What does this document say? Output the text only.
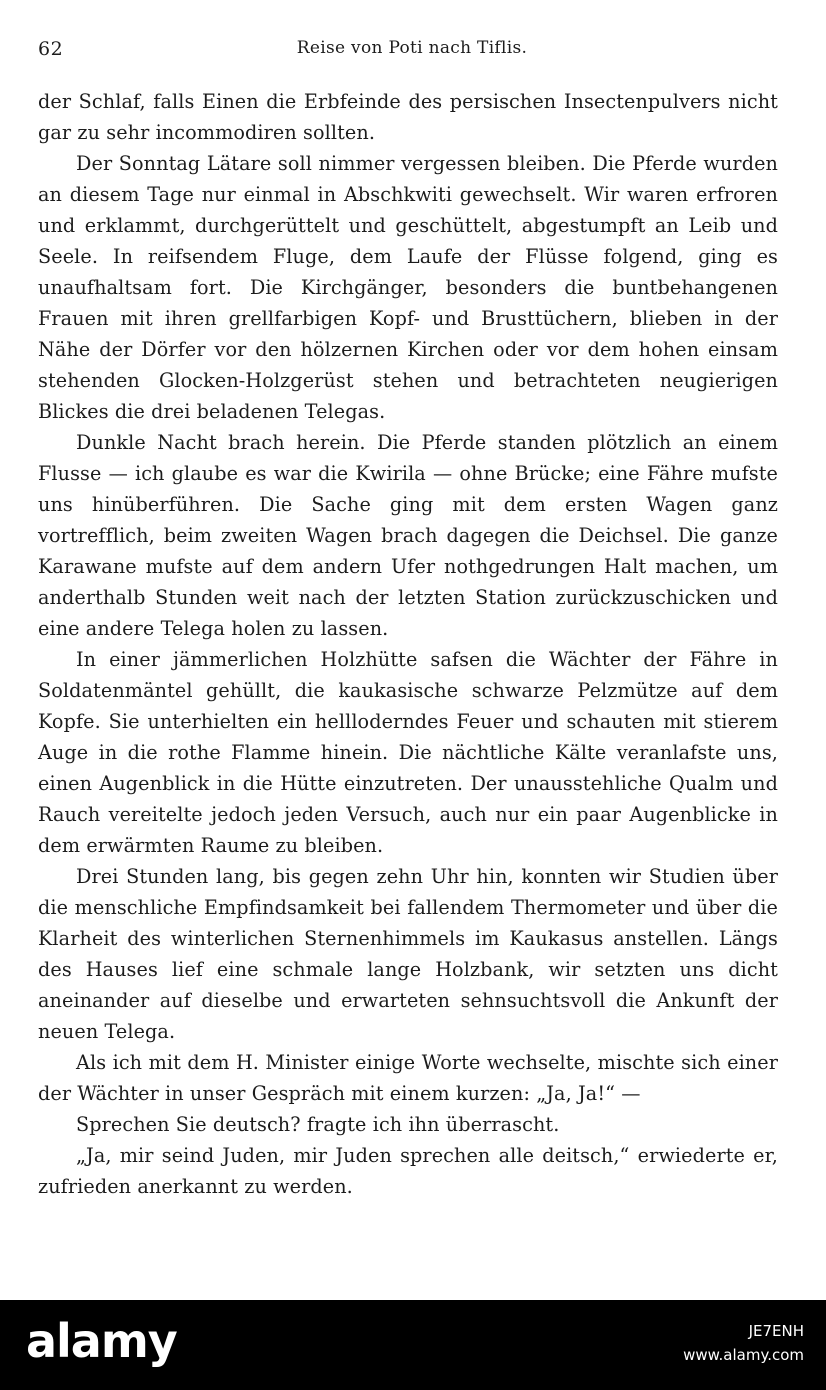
62	Reise von Poti nach Tiflis.

der Schlaf, falls Einen die Erbfeinde des persischen Insectenpulvers nicht gar zu sehr incommodiren sollten.

Der Sonntag Lätare soll nimmer vergessen bleiben. Die Pferde wurden an diesem Tage nur einmal in Abschkwiti gewechselt. Wir waren erfroren und erklammt, durchgerüttelt und geschüttelt, abgestumpft an Leib und Seele. In reifsendem Fluge, dem Laufe der Flüsse folgend, ging es unaufhaltsam fort. Die Kirchgänger, besonders die buntbehangenen Frauen mit ihren grellfarbigen Kopf- und Brusttüchern, blieben in der Nähe der Dörfer vor den hölzernen Kirchen oder vor dem hohen einsam stehenden Glocken-Holzgerüst stehen und betrachteten neugierigen Blickes die drei beladenen Telegas.

Dunkle Nacht brach herein. Die Pferde standen plötzlich an einem Flusse — ich glaube es war die Kwirila — ohne Brücke; eine Fähre mufste uns hinüberführen. Die Sache ging mit dem ersten Wagen ganz vortrefflich, beim zweiten Wagen brach dagegen die Deichsel. Die ganze Karawane mufste auf dem andern Ufer nothgedrungen Halt machen, um anderthalb Stunden weit nach der letzten Station zurückzuschicken und eine andere Telega holen zu lassen.

In einer jämmerlichen Holzhütte safsen die Wächter der Fähre in Soldatenmäntel gehüllt, die kaukasische schwarze Pelzmütze auf dem Kopfe. Sie unterhielten ein hellloderndes Feuer und schauten mit stierem Auge in die rothe Flamme hinein. Die nächtliche Kälte veranlafste uns, einen Augenblick in die Hütte einzutreten. Der unausstehliche Qualm und Rauch vereitelte jedoch jeden Versuch, auch nur ein paar Augenblicke in dem erwärmten Raume zu bleiben.

Drei Stunden lang, bis gegen zehn Uhr hin, konnten wir Studien über die menschliche Empfindsamkeit bei fallendem Thermometer und über die Klarheit des winterlichen Sternenhimmels im Kaukasus anstellen. Längs des Hauses lief eine schmale lange Holzbank, wir setzten uns dicht aneinander auf dieselbe und erwarteten sehnsuchtsvoll die Ankunft der neuen Telega.

Als ich mit dem H. Minister einige Worte wechselte, mischte sich einer der Wächter in unser Gespräch mit einem kurzen: „Ja, Ja!“ —

Sprechen Sie deutsch? fragte ich ihn überrascht.

„Ja, mir seind Juden, mir Juden sprechen alle deitsch,“ erwiederte er, zufrieden anerkannt zu werden.

alamy	JE7ENH
www.alamy.com
